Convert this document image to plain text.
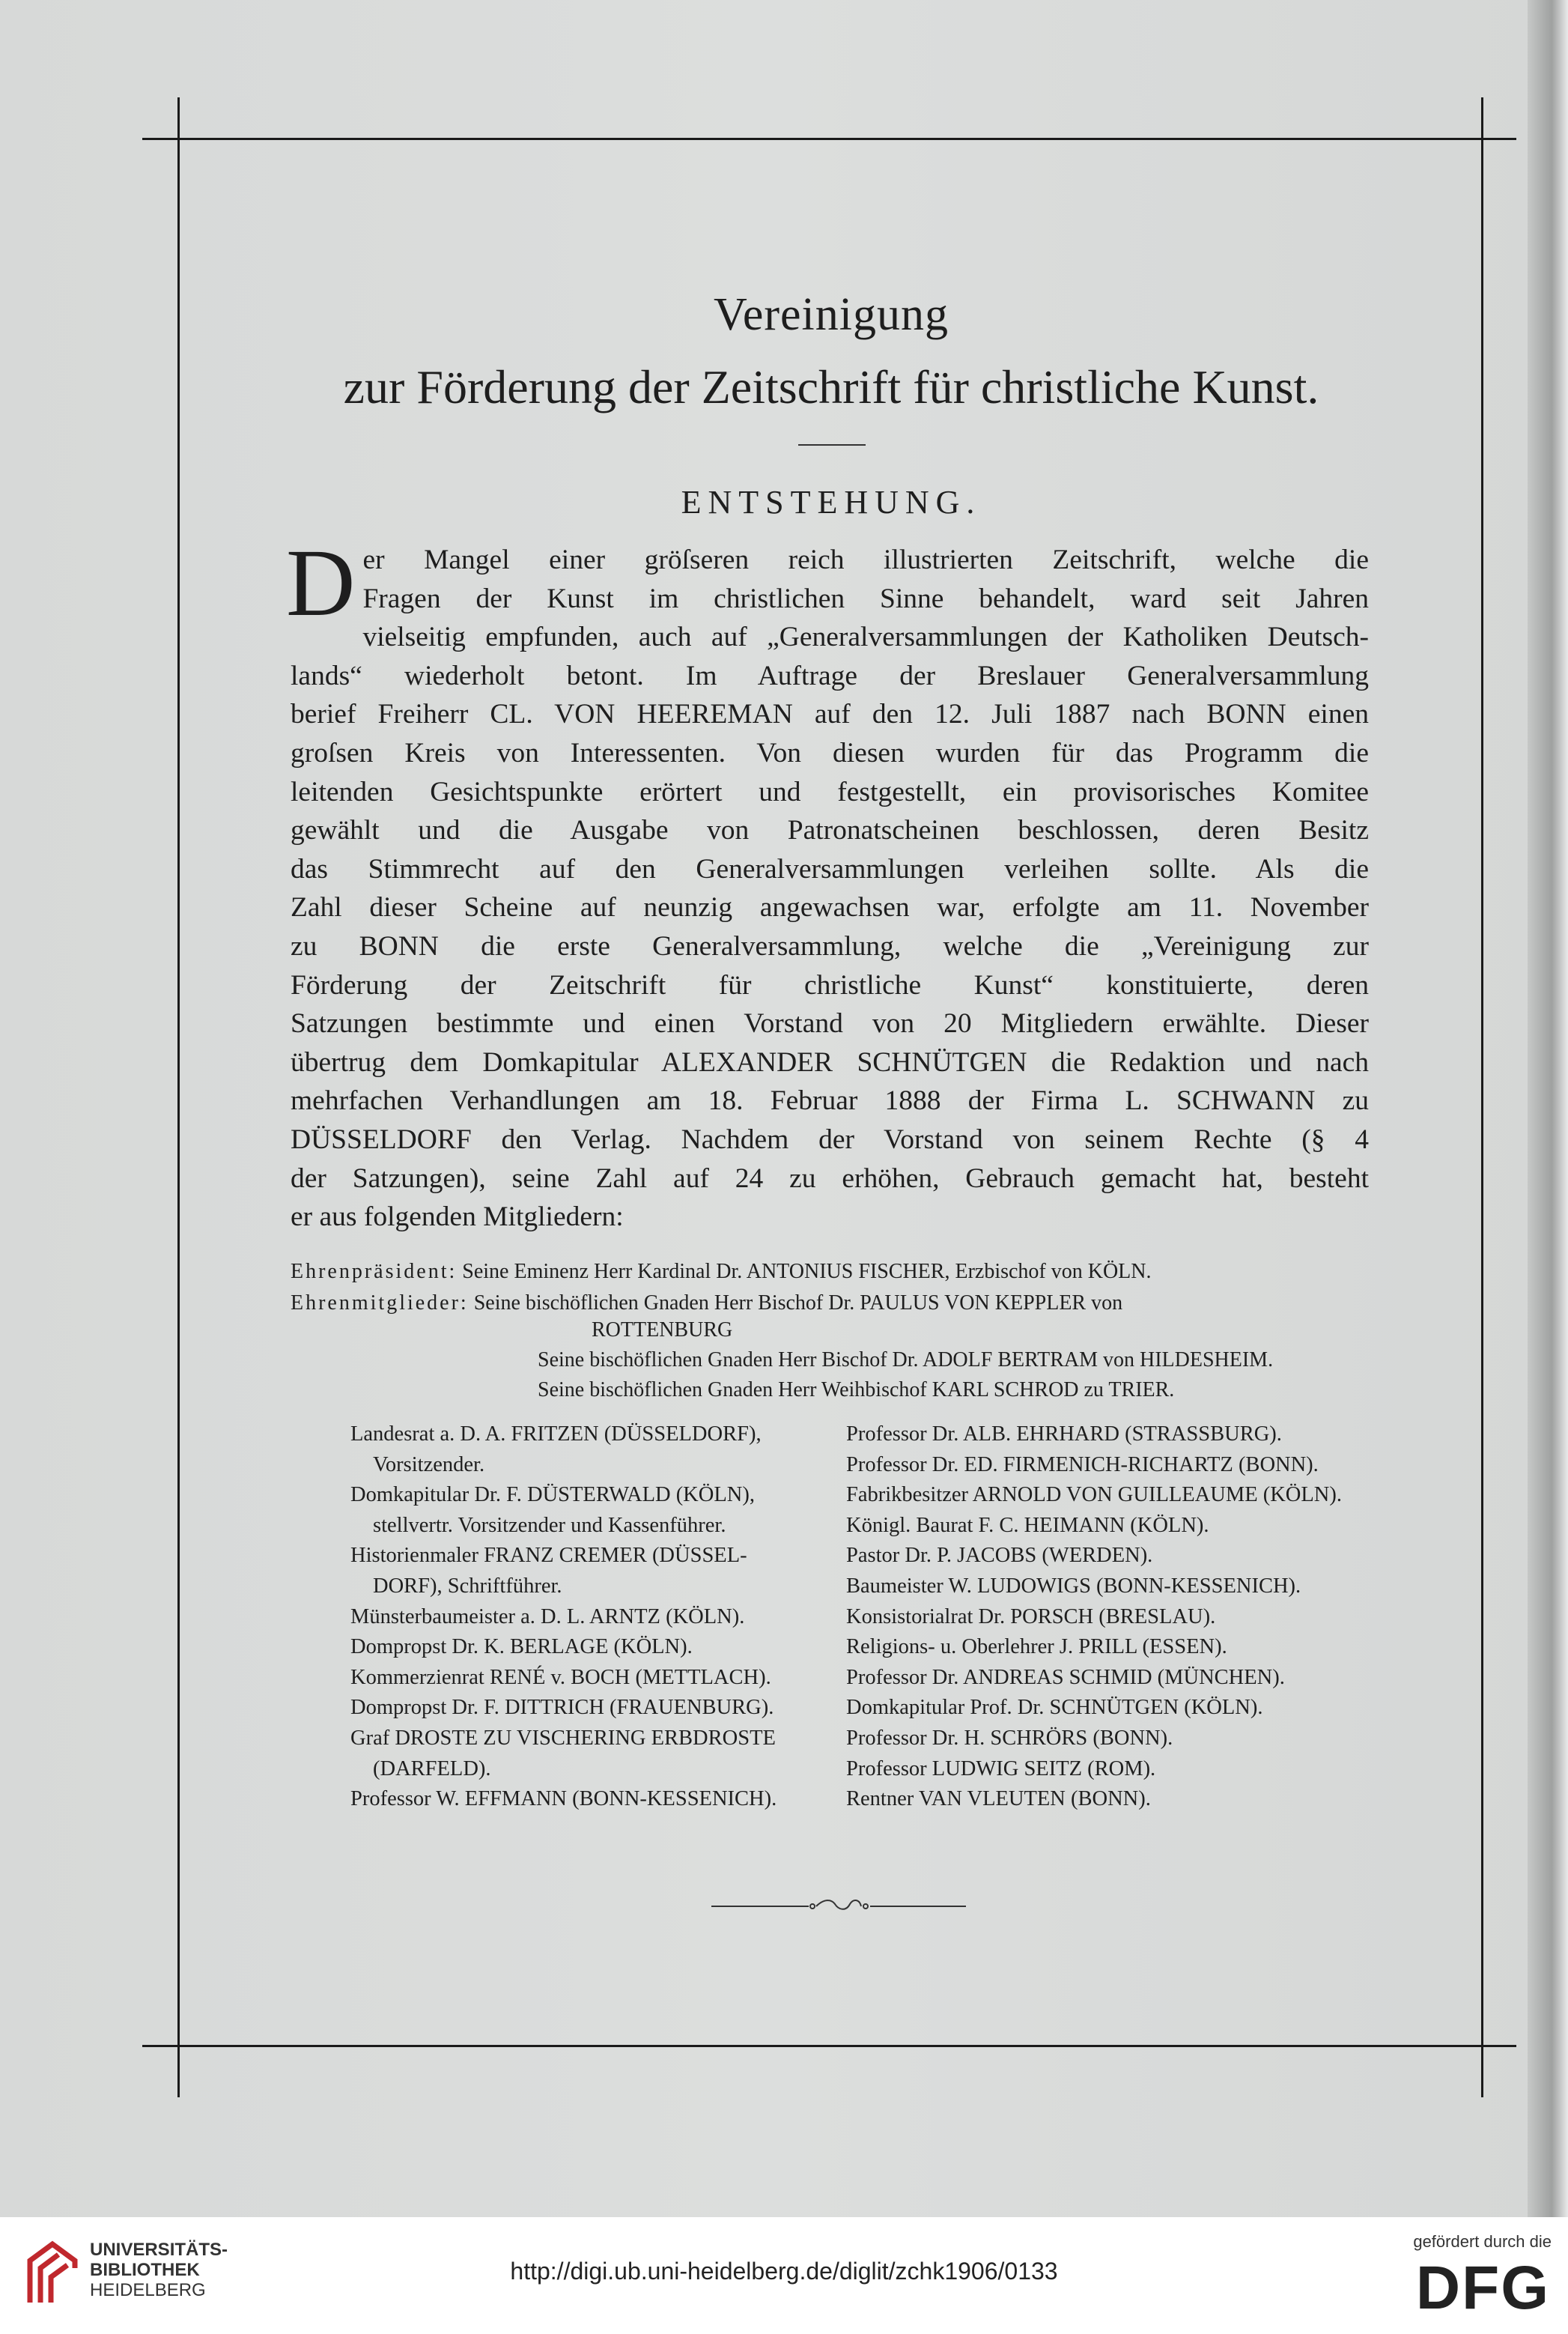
Vereinigung
zur Förderung der Zeitschrift für christliche Kunst.
ENTSTEHUNG.
D er Mangel einer gröſseren reich illustrierten Zeitschrift, welche die
Fragen der Kunst im christlichen Sinne behandelt, ward seit Jahren
vielseitig empfunden, auch auf „Generalversammlungen der Katholiken Deutsch-
lands“ wiederholt betont. Im Auftrage der Breslauer Generalversammlung
berief Freiherr CL. VON HEEREMAN auf den 12. Juli 1887 nach BONN einen
groſsen Kreis von Interessenten. Von diesen wurden für das Programm die
leitenden Gesichtspunkte erörtert und festgestellt, ein provisorisches Komitee
gewählt und die Ausgabe von Patronatscheinen beschlossen, deren Besitz
das Stimmrecht auf den Generalversammlungen verleihen sollte. Als die
Zahl dieser Scheine auf neunzig angewachsen war, erfolgte am 11. November
zu BONN die erste Generalversammlung, welche die „Vereinigung zur
Förderung der Zeitschrift für christliche Kunst“ konstituierte, deren
Satzungen bestimmte und einen Vorstand von 20 Mitgliedern erwählte. Dieser
übertrug dem Domkapitular ALEXANDER SCHNÜTGEN die Redaktion und nach
mehrfachen Verhandlungen am 18. Februar 1888 der Firma L. SCHWANN zu
DÜSSELDORF den Verlag. Nachdem der Vorstand von seinem Rechte (§ 4
der Satzungen), seine Zahl auf 24 zu erhöhen, Gebrauch gemacht hat, besteht
er aus folgenden Mitgliedern:
Ehrenpräsident: Seine Eminenz Herr Kardinal Dr. ANTONIUS FISCHER, Erzbischof von KÖLN.
Ehrenmitglieder: Seine bischöflichen Gnaden Herr Bischof Dr. PAULUS VON KEPPLER von
ROTTENBURG
Seine bischöflichen Gnaden Herr Bischof Dr. ADOLF BERTRAM von HILDESHEIM.
Seine bischöflichen Gnaden Herr Weihbischof KARL SCHROD zu TRIER.
Landesrat a. D. A. FRITZEN (DÜSSELDORF),
Vorsitzender.
Domkapitular Dr. F. DÜSTERWALD (KÖLN),
stellvertr. Vorsitzender und Kassenführer.
Historienmaler FRANZ CREMER (DÜSSEL-
DORF), Schriftführer.
Münsterbaumeister a. D. L. ARNTZ (KÖLN).
Dompropst Dr. K. BERLAGE (KÖLN).
Kommerzienrat RENÉ v. BOCH (METTLACH).
Dompropst Dr. F. DITTRICH (FRAUENBURG).
Graf DROSTE ZU VISCHERING ERBDROSTE
(DARFELD).
Professor W. EFFMANN (BONN-KESSENICH).
Professor Dr. ALB. EHRHARD (STRASSBURG).
Professor Dr. ED. FIRMENICH-RICHARTZ (BONN).
Fabrikbesitzer ARNOLD VON GUILLEAUME (KÖLN).
Königl. Baurat F. C. HEIMANN (KÖLN).
Pastor Dr. P. JACOBS (WERDEN).
Baumeister W. LUDOWIGS (BONN-KESSENICH).
Konsistorialrat Dr. PORSCH (BRESLAU).
Religions- u. Oberlehrer J. PRILL (ESSEN).
Professor Dr. ANDREAS SCHMID (MÜNCHEN).
Domkapitular Prof. Dr. SCHNÜTGEN (KÖLN).
Professor Dr. H. SCHRÖRS (BONN).
Professor LUDWIG SEITZ (ROM).
Rentner VAN VLEUTEN (BONN).
UNIVERSITÄTS-
BIBLIOTHEK
HEIDELBERG
http://digi.ub.uni-heidelberg.de/diglit/zchk1906/0133
gefördert durch die
DFG
